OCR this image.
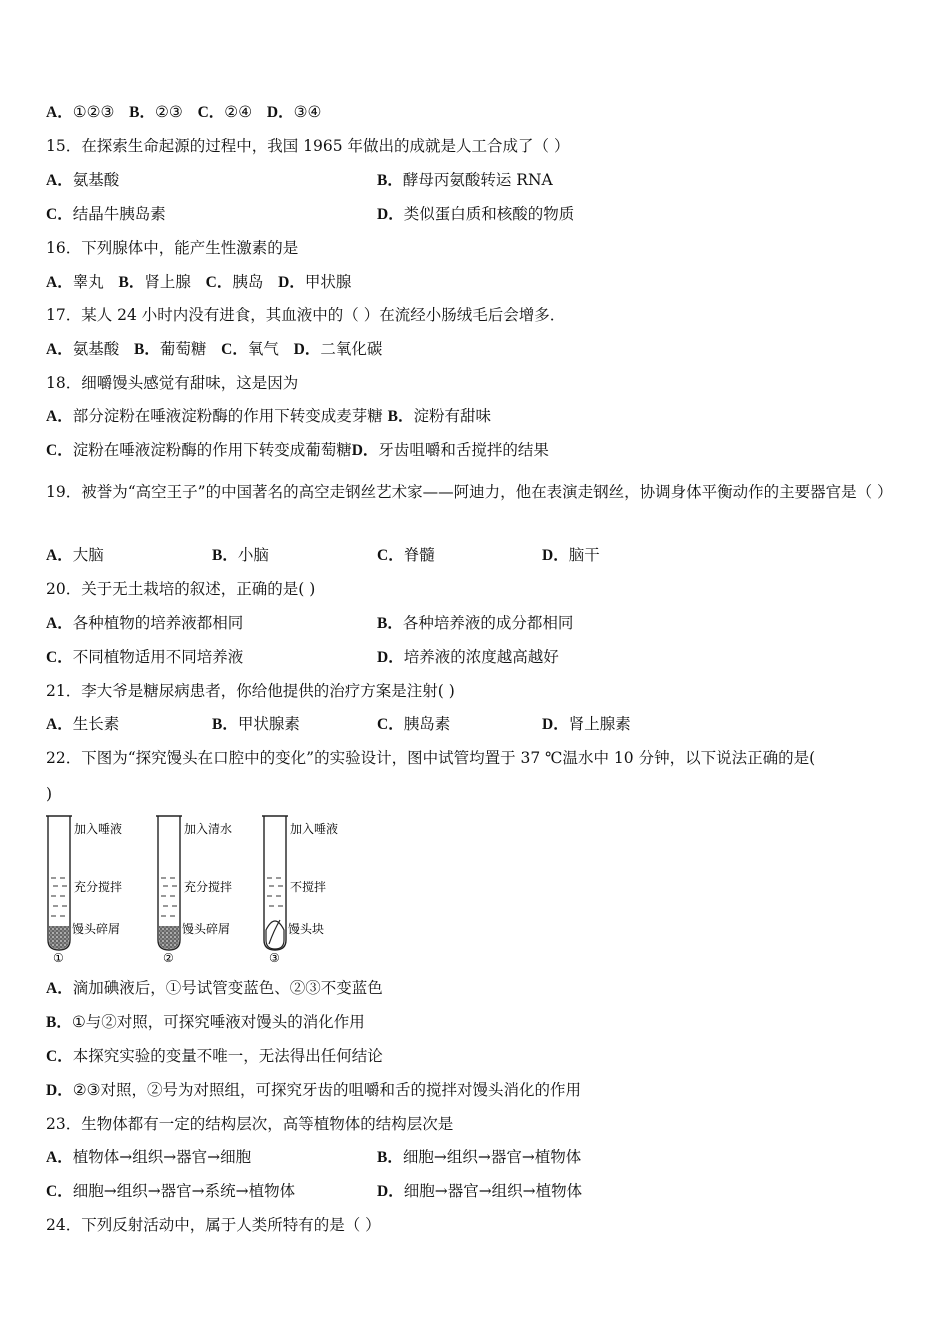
A．①②③ B．②③ C．②④ D．③④
15．在探索生命起源的过程中，我国 1965 年做出的成就是人工合成了（ ）
A．氨基酸	B．酵母丙氨酸转运 RNA
C．结晶牛胰岛素	D．类似蛋白质和核酸的物质
16．下列腺体中，能产生性激素的是
A．睾丸 B．肾上腺 C．胰岛 D．甲状腺
17．某人 24 小时内没有进食，其血液中的（ ）在流经小肠绒毛后会增多．
A．氨基酸 B．葡萄糖 C．氧气 D．二氧化碳
18．细嚼馒头感觉有甜味，这是因为
A．部分淀粉在唾液淀粉酶的作用下转变成麦芽糖 B．淀粉有甜味
C．淀粉在唾液淀粉酶的作用下转变成葡萄糖D．牙齿咀嚼和舌搅拌的结果
19．被誉为“高空王子”的中国著名的高空走钢丝艺术家——阿迪力，他在表演走钢丝，协调身体平衡动作的主要器官是（ ）
A．大脑	B．小脑	C．脊髓	D．脑干
20．关于无土栽培的叙述，正确的是( )
A．各种植物的培养液都相同	B．各种培养液的成分都相同
C．不同植物适用不同培养液	D．培养液的浓度越高越好
21．李大爷是糖尿病患者，你给他提供的治疗方案是注射( )
A．生长素	B．甲状腺素	C．胰岛素	D．肾上腺素
22．下图为“探究馒头在口腔中的变化”的实验设计，图中试管均置于 37 ℃温水中 10 分钟，以下说法正确的是(
)
加入唾液
充分搅拌
馒头碎屑
①
加入清水
充分搅拌
馒头碎屑
②
加入唾液
不搅拌
馒头块
③
A．滴加碘液后，①号试管变蓝色、②③不变蓝色
B．①与②对照，可探究唾液对馒头的消化作用
C．本探究实验的变量不唯一，无法得出任何结论
D．②③对照，②号为对照组，可探究牙齿的咀嚼和舌的搅拌对馒头消化的作用
23．生物体都有一定的结构层次，高等植物体的结构层次是
A．植物体→组织→器官→细胞	B．细胞→组织→器官→植物体
C．细胞→组织→器官→系统→植物体	D．细胞→器官→组织→植物体
24．下列反射活动中，属于人类所特有的是（ ）
